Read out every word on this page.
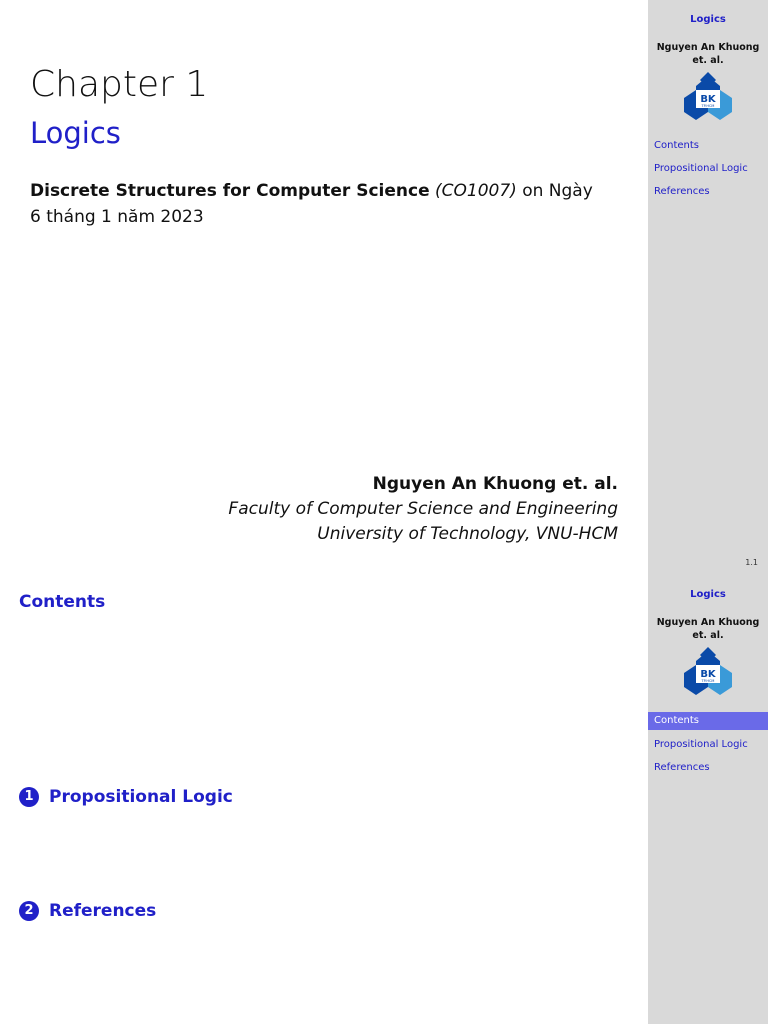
Chapter 1
Logics
Discrete Structures for Computer Science (CO1007) on Ngày
6 tháng 1 năm 2023
Nguyen An Khuong et. al.
Faculty of Computer Science and Engineering
University of Technology, VNU-HCM
Logics
Nguyen An Khuong et. al.
BK
TP.HCM
Contents
Propositional Logic
References
1.1
Contents
1 Propositional Logic
2 References
Logics
Nguyen An Khuong et. al.
BK
TP.HCM
Contents
Propositional Logic
References
